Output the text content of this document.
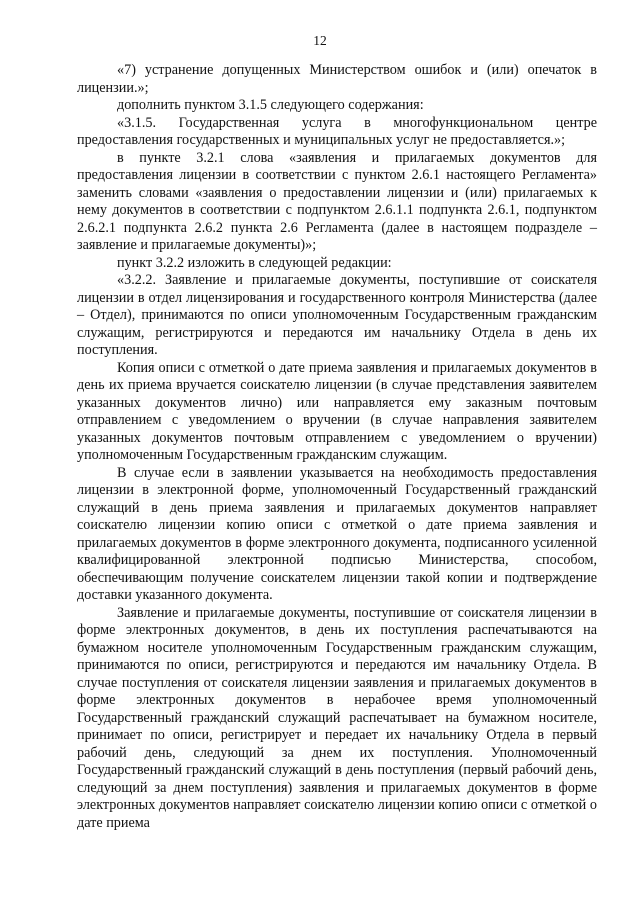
12

«7) устранение допущенных Министерством ошибок и (или) опечаток в лицензии.»;

дополнить пунктом 3.1.5 следующего содержания:

«3.1.5. Государственная услуга в многофункциональном центре предоставления государственных и муниципальных услуг не предоставляется.»;

в пункте 3.2.1 слова «заявления и прилагаемых документов для предоставления лицензии в соответствии с пунктом 2.6.1 настоящего Регламента» заменить словами «заявления о предоставлении лицензии и (или) прилагаемых к нему документов в соответствии с подпунктом 2.6.1.1 подпункта 2.6.1, подпунктом 2.6.2.1 подпункта 2.6.2 пункта 2.6 Регламента (далее в настоящем подразделе – заявление и прилагаемые документы)»;

пункт 3.2.2 изложить в следующей редакции:

«3.2.2. Заявление и прилагаемые документы, поступившие от соискателя лицензии в отдел лицензирования и государственного контроля Министерства (далее – Отдел), принимаются по описи уполномоченным Государственным гражданским служащим, регистрируются и передаются им начальнику Отдела в день их поступления.

Копия описи с отметкой о дате приема заявления и прилагаемых документов в день их приема вручается соискателю лицензии (в случае представления заявителем указанных документов лично) или направляется ему заказным почтовым отправлением с уведомлением о вручении (в случае направления заявителем указанных документов почтовым отправлением с уведомлением о вручении) уполномоченным Государственным гражданским служащим.

В случае если в заявлении указывается на необходимость предоставления лицензии в электронной форме, уполномоченный Государственный гражданский служащий в день приема заявления и прилагаемых документов направляет соискателю лицензии копию описи с отметкой о дате приема заявления и прилагаемых документов в форме электронного документа, подписанного усиленной квалифицированной электронной подписью Министерства, способом, обеспечивающим получение соискателем лицензии такой копии и подтверждение доставки указанного документа.

Заявление и прилагаемые документы, поступившие от соискателя лицензии в форме электронных документов, в день их поступления распечатываются на бумажном носителе уполномоченным Государственным гражданским служащим, принимаются по описи, регистрируются и передаются им начальнику Отдела. В случае поступления от соискателя лицензии заявления и прилагаемых документов в форме электронных документов в нерабочее время уполномоченный Государственный гражданский служащий распечатывает на бумажном носителе, принимает по описи, регистрирует и передает их начальнику Отдела в первый рабочий день, следующий за днем их поступления. Уполномоченный Государственный гражданский служащий в день поступления (первый рабочий день, следующий за днем поступления) заявления и прилагаемых документов в форме электронных документов направляет соискателю лицензии копию описи с отметкой о дате приема
